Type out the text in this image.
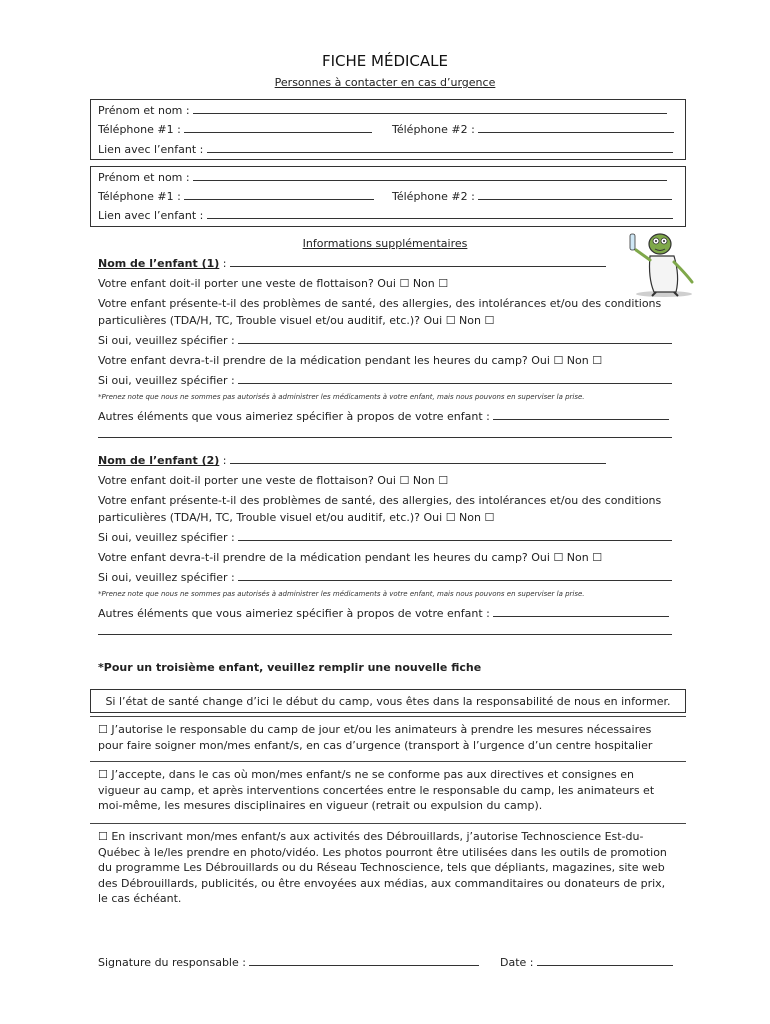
FICHE MÉDICALE
Personnes à contacter en cas d’urgence
Prénom et nom :
Téléphone #1 :	Téléphone #2 :
Lien avec l’enfant :
Prénom et nom :
Téléphone #1 :	Téléphone #2 :
Lien avec l’enfant :
Informations supplémentaires
Nom de l’enfant (1) :
Votre enfant doit-il porter une veste de flottaison? Oui ☐ Non ☐
Votre enfant présente-t-il des problèmes de santé, des allergies, des intolérances et/ou des conditions
particulières (TDA/H, TC, Trouble visuel et/ou auditif, etc.)? Oui ☐ Non ☐
Si oui, veuillez spécifier :
Votre enfant devra-t-il prendre de la médication pendant les heures du camp? Oui ☐ Non ☐
Si oui, veuillez spécifier :
*Prenez note que nous ne sommes pas autorisés à administrer les médicaments à votre enfant, mais nous pouvons en superviser la prise.
Autres éléments que vous aimeriez spécifier à propos de votre enfant :
Nom de l’enfant (2) :
Votre enfant doit-il porter une veste de flottaison? Oui ☐ Non ☐
Votre enfant présente-t-il des problèmes de santé, des allergies, des intolérances et/ou des conditions
particulières (TDA/H, TC, Trouble visuel et/ou auditif, etc.)? Oui ☐ Non ☐
Si oui, veuillez spécifier :
Votre enfant devra-t-il prendre de la médication pendant les heures du camp? Oui ☐ Non ☐
Si oui, veuillez spécifier :
*Prenez note que nous ne sommes pas autorisés à administrer les médicaments à votre enfant, mais nous pouvons en superviser la prise.
Autres éléments que vous aimeriez spécifier à propos de votre enfant :
*Pour un troisième enfant, veuillez remplir une nouvelle fiche
Si l’état de santé change d’ici le début du camp, vous êtes dans la responsabilité de nous en informer.
☐ J’autorise le responsable du camp de jour et/ou les animateurs à prendre les mesures nécessaires pour faire soigner mon/mes enfant/s, en cas d’urgence (transport à l’urgence d’un centre hospitalier
☐ J’accepte, dans le cas où mon/mes enfant/s ne se conforme pas aux directives et consignes en vigueur au camp, et après interventions concertées entre le responsable du camp, les animateurs et moi-même, les mesures disciplinaires en vigueur (retrait ou expulsion du camp).
☐ En inscrivant mon/mes enfant/s aux activités des Débrouillards, j’autorise Technoscience Est-du-Québec à le/les prendre en photo/vidéo. Les photos pourront être utilisées dans les outils de promotion du programme Les Débrouillards ou du Réseau Technoscience, tels que dépliants, magazines, site web des Débrouillards, publicités, ou être envoyées aux médias, aux commanditaires ou donateurs de prix, le cas échéant.
Signature du responsable :	Date :
